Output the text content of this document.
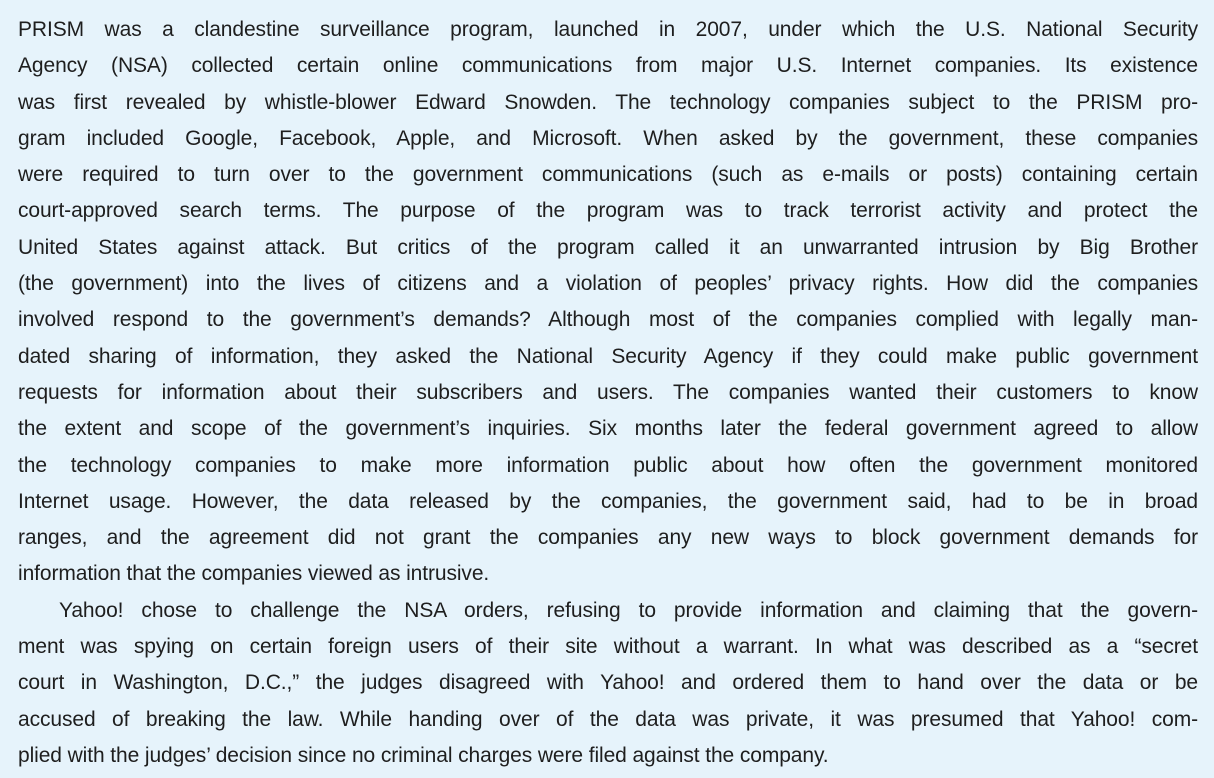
PRISM was a clandestine surveillance program, launched in 2007, under which the U.S. National Security
Agency (NSA) collected certain online communications from major U.S. Internet companies. Its existence
was first revealed by whistle-blower Edward Snowden. The technology companies subject to the PRISM pro-
gram included Google, Facebook, Apple, and Microsoft. When asked by the government, these companies
were required to turn over to the government communications (such as e-mails or posts) containing certain
court-approved search terms. The purpose of the program was to track terrorist activity and protect the
United States against attack. But critics of the program called it an unwarranted intrusion by Big Brother
(the government) into the lives of citizens and a violation of peoples’ privacy rights. How did the companies
involved respond to the government’s demands? Although most of the companies complied with legally man-
dated sharing of information, they asked the National Security Agency if they could make public government
requests for information about their subscribers and users. The companies wanted their customers to know
the extent and scope of the government’s inquiries. Six months later the federal government agreed to allow
the technology companies to make more information public about how often the government monitored
Internet usage. However, the data released by the companies, the government said, had to be in broad
ranges, and the agreement did not grant the companies any new ways to block government demands for
information that the companies viewed as intrusive.
Yahoo! chose to challenge the NSA orders, refusing to provide information and claiming that the govern-
ment was spying on certain foreign users of their site without a warrant. In what was described as a “secret
court in Washington, D.C.,” the judges disagreed with Yahoo! and ordered them to hand over the data or be
accused of breaking the law. While handing over of the data was private, it was presumed that Yahoo! com-
plied with the judges’ decision since no criminal charges were filed against the company.
